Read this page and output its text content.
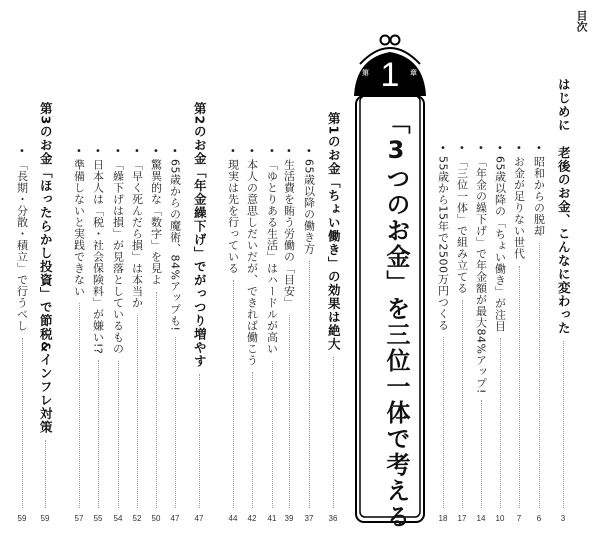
目次
はじめに
老後のお金、こんなに変わった
3
•
昭和からの脱却
6
•
お金が足りない世代
7
•
65歳以降の「ちょい働き」が注目
10
•
「年金の繰下げ」で年金額が最大84%アップ!
14
•
「三位一体」で組み立てる
17
•
55歳から15年で2500万円つくる
18
第 1 章
「3つのお金」を三位一体で考える
第1のお金「ちょい働き」の効果は絶大
36
•
65歳以降の働き方
37
•
生活費を賄う労働の「目安」
39
•
「ゆとりある生活」はハードルが高い
41
•
本人の意思しだいだが、できれば働こう
42
•
現実は先を行っている
44
第2のお金「年金繰下げ」でがっつり増やす
47
•
65歳からの魔術、84%アップも!
47
•
驚異的な「数字」を見よ
50
•
「早く死んだら損」は本当か
52
•
「繰下げは損」が見落としているもの
54
•
日本人は「税・社会保険料」が嫌い!?
55
•
準備しないと実践できない
57
第3のお金「ほったらかし投資」で節税&インフレ対策
59
•
「長期・分散・積立」で行うべし
59
